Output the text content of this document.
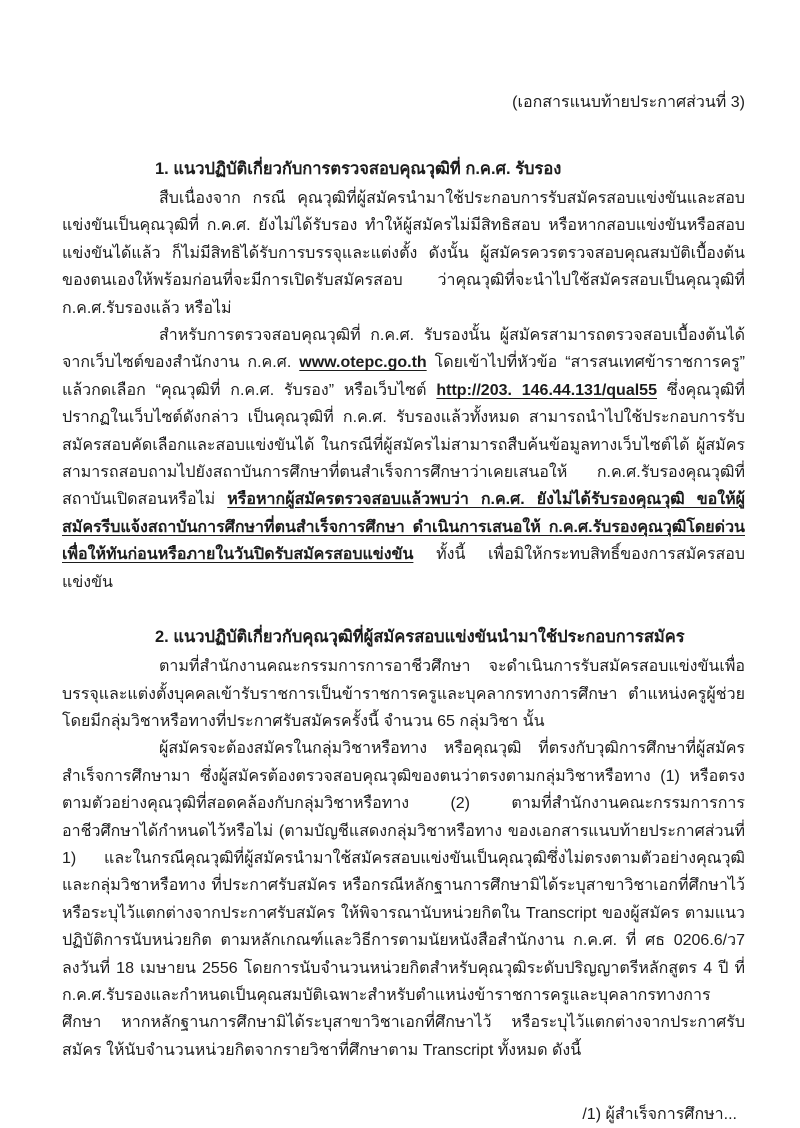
(เอกสารแนบท้ายประกาศส่วนที่ 3)
1. แนวปฏิบัติเกี่ยวกับการตรวจสอบคุณวุฒิที่ ก.ค.ศ. รับรอง

สืบเนื่องจาก กรณี คุณวุฒิที่ผู้สมัครนำมาใช้ประกอบการรับสมัครสอบแข่งขันและสอบแข่งขันเป็นคุณวุฒิที่ ก.ค.ศ. ยังไม่ได้รับรอง ทำให้ผู้สมัครไม่มีสิทธิสอบ หรือหากสอบแข่งขันหรือสอบแข่งขันได้แล้ว ก็ไม่มีสิทธิได้รับการบรรจุและแต่งตั้ง ดังนั้น ผู้สมัครควรตรวจสอบคุณสมบัติเบื้องต้นของตนเองให้พร้อมก่อนที่จะมีการเปิดรับสมัครสอบ ว่าคุณวุฒิที่จะนำไปใช้สมัครสอบเป็นคุณวุฒิที่ ก.ค.ศ.รับรองแล้ว หรือไม่

สำหรับการตรวจสอบคุณวุฒิที่ ก.ค.ศ. รับรองนั้น ผู้สมัครสามารถตรวจสอบเบื้องต้นได้จากเว็บไซต์ของสำนักงาน ก.ค.ศ. www.otepc.go.th โดยเข้าไปที่หัวข้อ “สารสนเทศข้าราชการครู” แล้วกดเลือก “คุณวุฒิที่ ก.ค.ศ. รับรอง” หรือเว็บไซต์ http://203. 146.44.131/qual55 ซึ่งคุณวุฒิที่ปรากฏในเว็บไซต์ดังกล่าว เป็นคุณวุฒิที่ ก.ค.ศ. รับรองแล้วทั้งหมด สามารถนำไปใช้ประกอบการรับสมัครสอบคัดเลือกและสอบแข่งขันได้ ในกรณีที่ผู้สมัครไม่สามารถสืบค้นข้อมูลทางเว็บไซต์ได้ ผู้สมัครสามารถสอบถามไปยังสถาบันการศึกษาที่ตนสำเร็จการศึกษาว่าเคยเสนอให้ ก.ค.ศ.รับรองคุณวุฒิที่สถาบันเปิดสอนหรือไม่ หรือหากผู้สมัครตรวจสอบแล้วพบว่า ก.ค.ศ. ยังไม่ได้รับรองคุณวุฒิ ขอให้ผู้สมัครรีบแจ้งสถาบันการศึกษาที่ตนสำเร็จการศึกษา ดำเนินการเสนอให้ ก.ค.ศ.รับรองคุณวุฒิโดยด่วน เพื่อให้ทันก่อนหรือภายในวันปิดรับสมัครสอบแข่งขัน ทั้งนี้ เพื่อมิให้กระทบสิทธิ์ของการสมัครสอบแข่งขัน

2. แนวปฏิบัติเกี่ยวกับคุณวุฒิที่ผู้สมัครสอบแข่งขันนำมาใช้ประกอบการสมัคร

ตามที่สำนักงานคณะกรรมการการอาชีวศึกษา จะดำเนินการรับสมัครสอบแข่งขันเพื่อบรรจุและแต่งตั้งบุคคลเข้ารับราชการเป็นข้าราชการครูและบุคลากรทางการศึกษา ตำแหน่งครูผู้ช่วย โดยมีกลุ่มวิชาหรือทางที่ประกาศรับสมัครครั้งนี้ จำนวน 65 กลุ่มวิชา นั้น

ผู้สมัครจะต้องสมัครในกลุ่มวิชาหรือทาง หรือคุณวุฒิ ที่ตรงกับวุฒิการศึกษาที่ผู้สมัครสำเร็จการศึกษามา ซึ่งผู้สมัครต้องตรวจสอบคุณวุฒิของตนว่าตรงตามกลุ่มวิชาหรือทาง (1) หรือตรงตามตัวอย่างคุณวุฒิที่สอดคล้องกับกลุ่มวิชาหรือทาง (2) ตามที่สำนักงานคณะกรรมการการอาชีวศึกษาได้กำหนดไว้หรือไม่ (ตามบัญชีแสดงกลุ่มวิชาหรือทาง ของเอกสารแนบท้ายประกาศส่วนที่ 1) และในกรณีคุณวุฒิที่ผู้สมัครนำมาใช้สมัครสอบแข่งขันเป็นคุณวุฒิซึ่งไม่ตรงตามตัวอย่างคุณวุฒิและกลุ่มวิชาหรือทาง ที่ประกาศรับสมัคร หรือกรณีหลักฐานการศึกษามิได้ระบุสาขาวิชาเอกที่ศึกษาไว้ หรือระบุไว้แตกต่างจากประกาศรับสมัคร ให้พิจารณานับหน่วยกิตใน Transcript ของผู้สมัคร ตามแนวปฏิบัติการนับหน่วยกิต ตามหลักเกณฑ์และวิธีการตามนัยหนังสือสำนักงาน ก.ค.ศ. ที่ ศธ 0206.6/ว7 ลงวันที่ 18 เมษายน 2556 โดยการนับจำนวนหน่วยกิตสำหรับคุณวุฒิระดับปริญญาตรีหลักสูตร 4 ปี ที่ ก.ค.ศ.รับรองและกำหนดเป็นคุณสมบัติเฉพาะสำหรับตำแหน่งข้าราชการครูและบุคลากรทางการศึกษา หากหลักฐานการศึกษามิได้ระบุสาขาวิชาเอกที่ศึกษาไว้ หรือระบุไว้แตกต่างจากประกาศรับสมัคร ให้นับจำนวนหน่วยกิตจากรายวิชาที่ศึกษาตาม Transcript ทั้งหมด ดังนี้

/1) ผู้สำเร็จการศึกษา...
